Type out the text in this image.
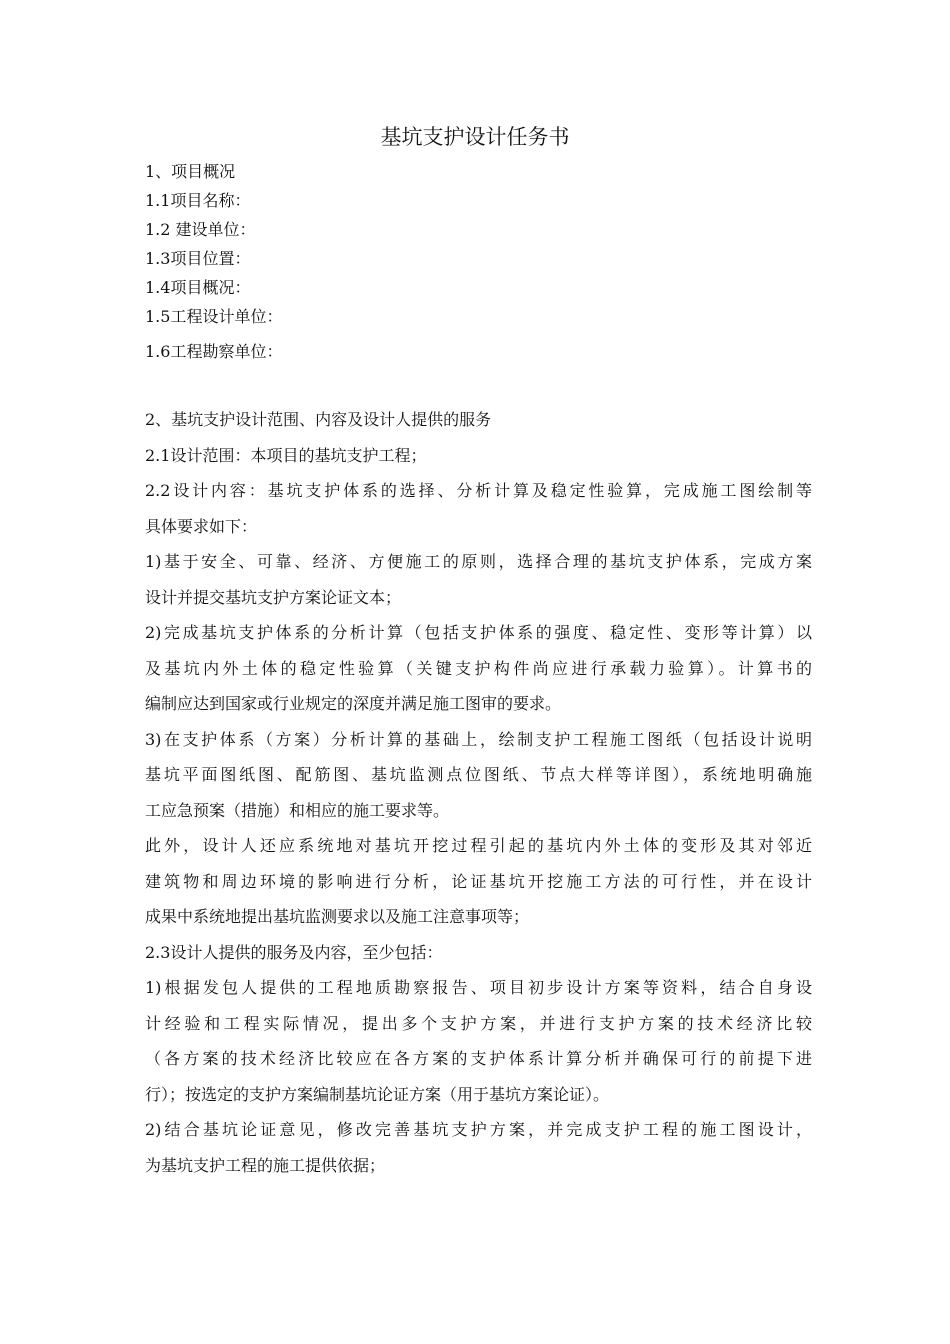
基坑支护设计任务书
1、项目概况
1.1项目名称：
1.2 建设单位：
1.3项目位置：
1.4项目概况：
1.5工程设计单位：
1.6工程勘察单位：
2、基坑支护设计范围、内容及设计人提供的服务
2.1设计范围：本项目的基坑支护工程；
2.2设计内容：基坑支护体系的选择、分析计算及稳定性验算，完成施工图绘制等
具体要求如下：
1)基于安全、可靠、经济、方便施工的原则，选择合理的基坑支护体系，完成方案
设计并提交基坑支护方案论证文本；
2)完成基坑支护体系的分析计算（包括支护体系的强度、稳定性、变形等计算）以
及基坑内外土体的稳定性验算（关键支护构件尚应进行承载力验算）。计算书的
编制应达到国家或行业规定的深度并满足施工图审的要求。
3)在支护体系（方案）分析计算的基础上，绘制支护工程施工图纸（包括设计说明
基坑平面图纸图、配筋图、基坑监测点位图纸、节点大样等详图），系统地明确施
工应急预案（措施）和相应的施工要求等。
此外，设计人还应系统地对基坑开挖过程引起的基坑内外土体的变形及其对邻近
建筑物和周边环境的影响进行分析，论证基坑开挖施工方法的可行性，并在设计
成果中系统地提出基坑监测要求以及施工注意事项等；
2.3设计人提供的服务及内容，至少包括：
1)根据发包人提供的工程地质勘察报告、项目初步设计方案等资料，结合自身设
计经验和工程实际情况，提出多个支护方案，并进行支护方案的技术经济比较
（各方案的技术经济比较应在各方案的支护体系计算分析并确保可行的前提下进
行）；按选定的支护方案编制基坑论证方案（用于基坑方案论证）。
2)结合基坑论证意见，修改完善基坑支护方案，并完成支护工程的施工图设计，
为基坑支护工程的施工提供依据；
